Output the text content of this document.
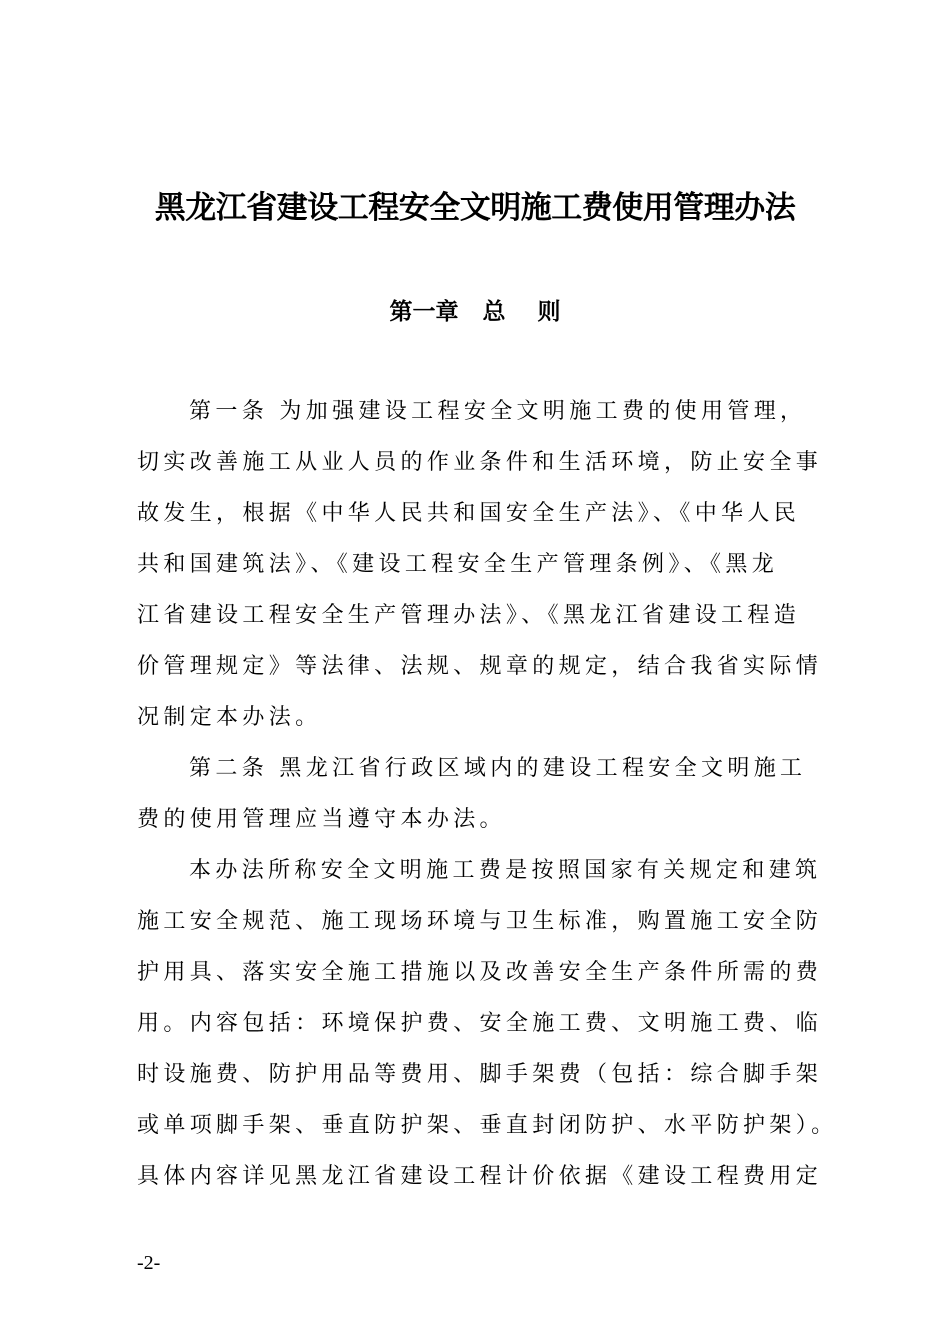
黑龙江省建设工程安全文明施工费使用管理办法
第一章   总    则
第一条 为加强建设工程安全文明施工费的使用管理，
切实改善施工从业人员的作业条件和生活环境，防止安全事
故发生，根据《中华人民共和国安全生产法》、《中华人民
共和国建筑法》、《建设工程安全生产管理条例》、《黑龙
江省建设工程安全生产管理办法》、《黑龙江省建设工程造
价管理规定》等法律、法规、规章的规定，结合我省实际情
况制定本办法。
第二条 黑龙江省行政区域内的建设工程安全文明施工
费的使用管理应当遵守本办法。
本办法所称安全文明施工费是按照国家有关规定和建筑
施工安全规范、施工现场环境与卫生标准，购置施工安全防
护用具、落实安全施工措施以及改善安全生产条件所需的费
用。内容包括：环境保护费、安全施工费、文明施工费、临
时设施费、防护用品等费用、脚手架费（包括：综合脚手架
或单项脚手架、垂直防护架、垂直封闭防护、水平防护架）。
具体内容详见黑龙江省建设工程计价依据《建设工程费用定
-2-
